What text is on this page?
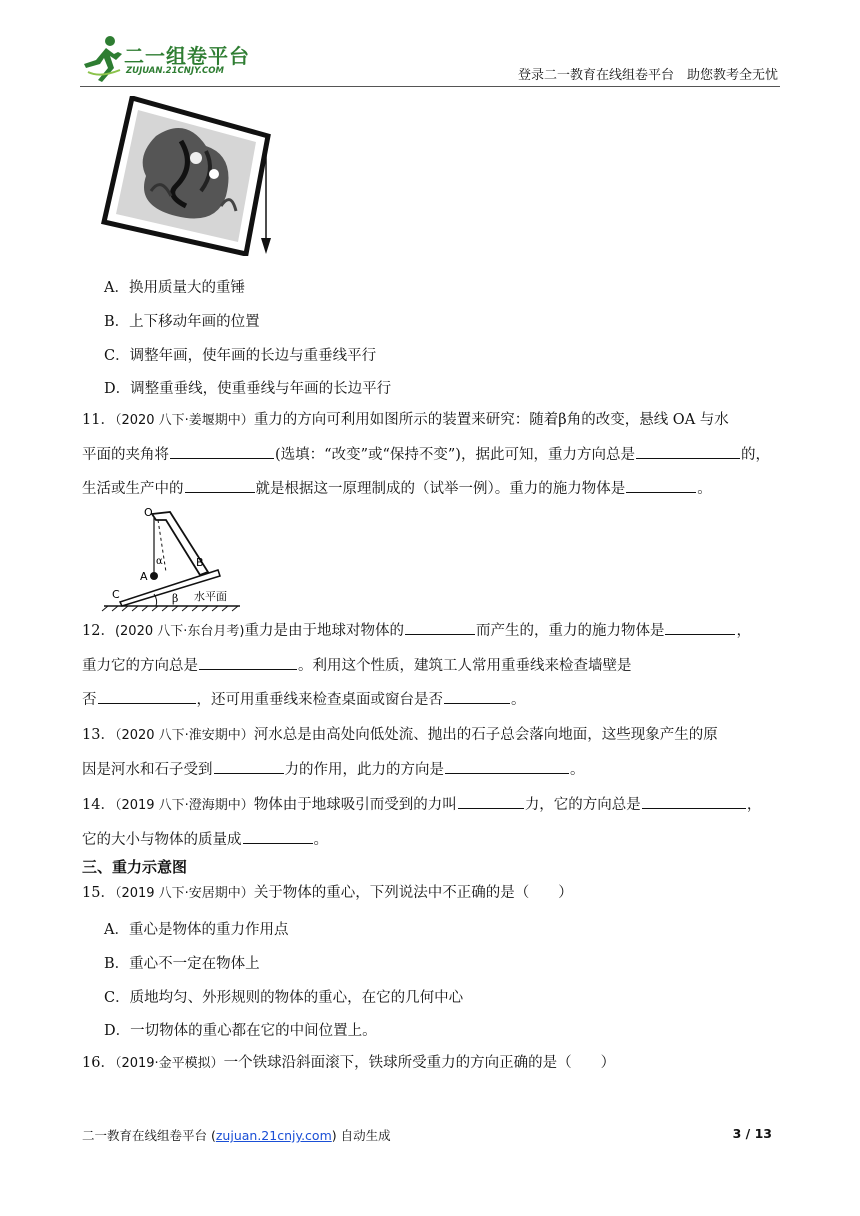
二一组卷平台
ZUJUAN.21CNJY.COM	登录二一教育在线组卷平台　助您教考全无忧
A．换用质量大的重锤
B．上下移动年画的位置
C．调整年画，使年画的长边与重垂线平行
D．调整重垂线，使重垂线与年画的长边平行
11．（2020 八下·姜堰期中）重力的方向可利用如图所示的装置来研究：随着β角的改变，悬线 OA 与水
平面的夹角将	(选填：“改变”或“保持不变”)，据此可知，重力方向总是	的，
生活或生产中的	就是根据这一原理制成的（试举一例）。重力的施力物体是	。
O
α
A
B
C	β 水平面
12．(2020 八下·东台月考)重力是由于地球对物体的	而产生的，重力的施力物体是	，
重力它的方向总是	。利用这个性质，建筑工人常用重垂线来检查墙壁是
否	，还可用重垂线来检查桌面或窗台是否	。
13．（2020 八下·淮安期中）河水总是由高处向低处流、抛出的石子总会落向地面，这些现象产生的原
因是河水和石子受到	力的作用，此力的方向是	。
14．（2019 八下·澄海期中）物体由于地球吸引而受到的力叫	力，它的方向总是	，
它的大小与物体的质量成	。
三、重力示意图
15．（2019 八下·安居期中）关于物体的重心，下列说法中不正确的是（　　）
A．重心是物体的重力作用点
B．重心不一定在物体上
C．质地均匀、外形规则的物体的重心，在它的几何中心
D．一切物体的重心都在它的中间位置上。
16．（2019·金平模拟）一个铁球沿斜面滚下，铁球所受重力的方向正确的是（　　）
二一教育在线组卷平台 (zujuan.21cnjy.com) 自动生成	3 / 13
